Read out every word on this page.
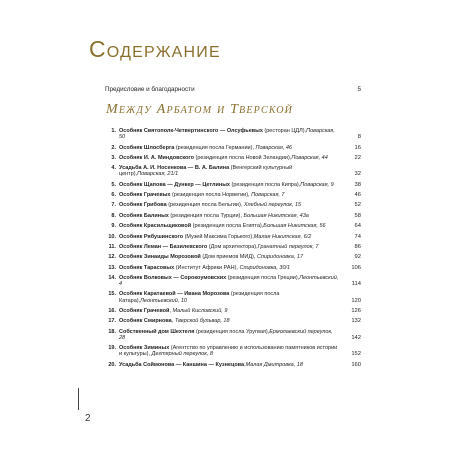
Содержание
Предисловие и благодарности	5
Между Арбатом и Тверской
1. Особняк Святополк-Четвертинского — Олсуфьевых (ресторан ЦДЛ),Поварская, 50	8
2. Особняк Шлосберга (резиденция посла Германии), Поварская, 46	16
3. Особняк И. А. Миндовского (резиденция посла Новой Зеландии),Поварская, 44	22
4. Усадьба А. И. Носенкова — В. А. Балина (Венгерский культурный центр),Поварская, 21/1	32
5. Особняк Щапова — Дункер — Цетлиных (резиденция посла Кипра),Поварская, 9	38
6. Особняк Грачевых (резиденция посла Норвегии), Поварская, 7	46
7. Особняк Грибова (резиденция посла Бельгии), Хлебный переулок, 15	52
8. Особняк Балиных (резиденция посла Турции), Большая Никитская, 43а	58
9. Особняк Красильщиковой (резиденция посла Египта),Большая Никитская, 56	64
10. Особняк Рябушинского (Музей Максима Горького),Малая Никитская, 6/2	74
11. Особняк Леман — Базилевского (Дом архитектора),Гранатный переулок, 7	86
12. Особняк Зинаиды Морозовой (Дом приемов МИД), Спиридоновка, 17	92
13. Особняк Тарасовых (Институт Африки РАН), Спиридоновка, 30/1	106
14. Особняк Волковых — Сорокоумовских (резиденция посла Греции),Леонтьевский, 4	114
15. Особняк Каратаевой — Ивана Морозова (резиденция посла Катара),Леонтьевский, 10	120
16. Особняк Грачевой, Малый Кисловский, 9	126
17. Особняк Смирнова, Тверской бульвар, 18	132
18. Собственный дом Шехтеля (резиденция посла Уругвая),Ермолаевский переулок, 28	142
19. Особняк Зиминых (Агентство по управлению и использованию памятников истории и культуры), Дегтярный переулок, 8	152
20. Усадьба Соймонова — Каншина — Кузнецова,Малая Дмитровка, 18	160
2
